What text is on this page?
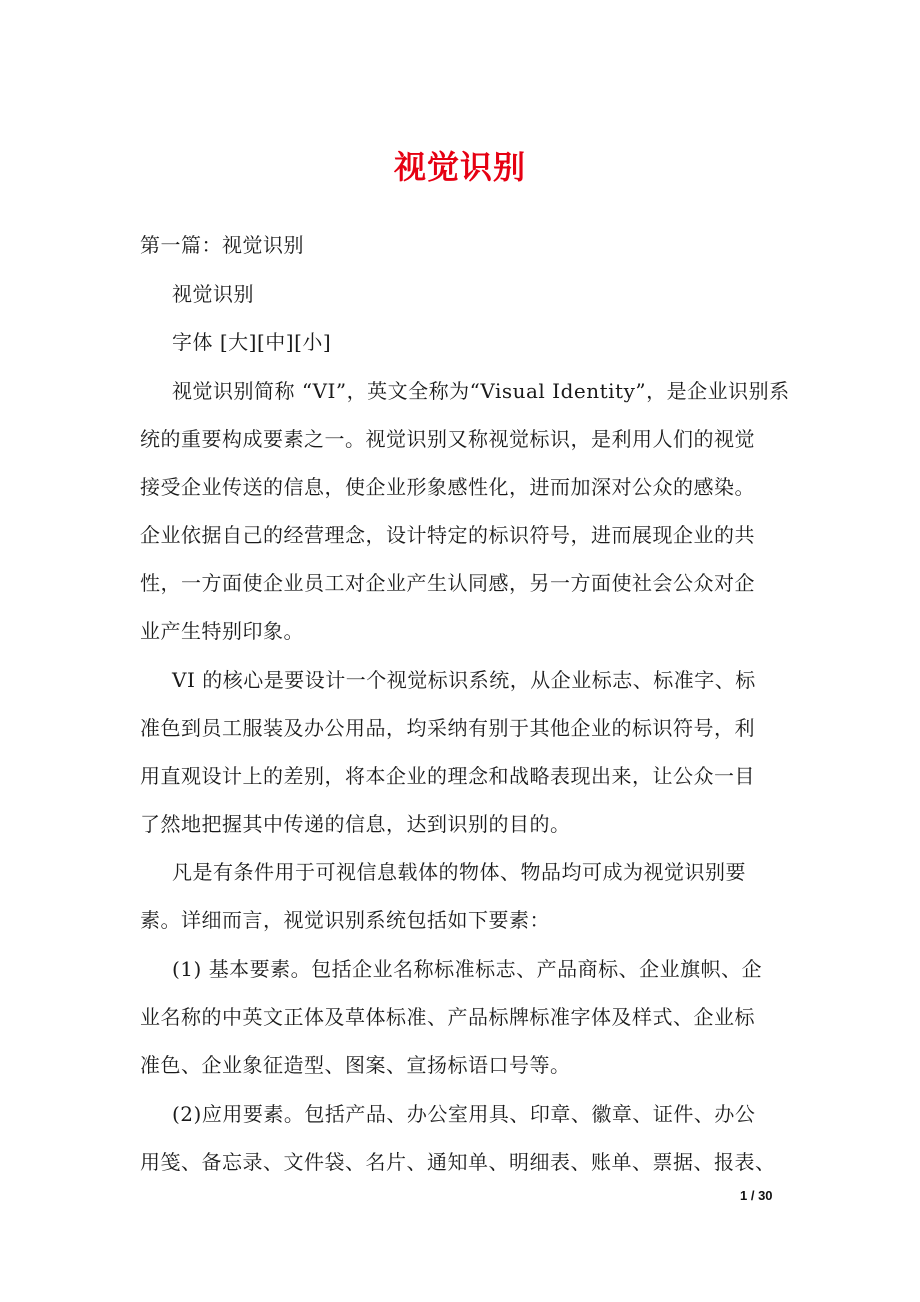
视觉识别
第一篇：视觉识别
视觉识别
字体 [大][中][小]
视觉识别简称 “VI”，英文全称为“Visual Identity”，是企业识别系
统的重要构成要素之一。视觉识别又称视觉标识，是利用人们的视觉
接受企业传送的信息，使企业形象感性化，进而加深对公众的感染。
企业依据自己的经营理念，设计特定的标识符号，进而展现企业的共
性，一方面使企业员工对企业产生认同感，另一方面使社会公众对企
业产生特别印象。
VI 的核心是要设计一个视觉标识系统，从企业标志、标准字、标
准色到员工服装及办公用品，均采纳有别于其他企业的标识符号，利
用直观设计上的差别，将本企业的理念和战略表现出来，让公众一目
了然地把握其中传递的信息，达到识别的目的。
凡是有条件用于可视信息载体的物体、物品均可成为视觉识别要
素。详细而言，视觉识别系统包括如下要素：
(1) 基本要素。包括企业名称标准标志、产品商标、企业旗帜、企
业名称的中英文正体及草体标准、产品标牌标准字体及样式、企业标
准色、企业象征造型、图案、宣扬标语口号等。
(2)应用要素。包括产品、办公室用具、印章、徽章、证件、办公
用笺、备忘录、文件袋、名片、通知单、明细表、账单、票据、报表、
1 / 30
